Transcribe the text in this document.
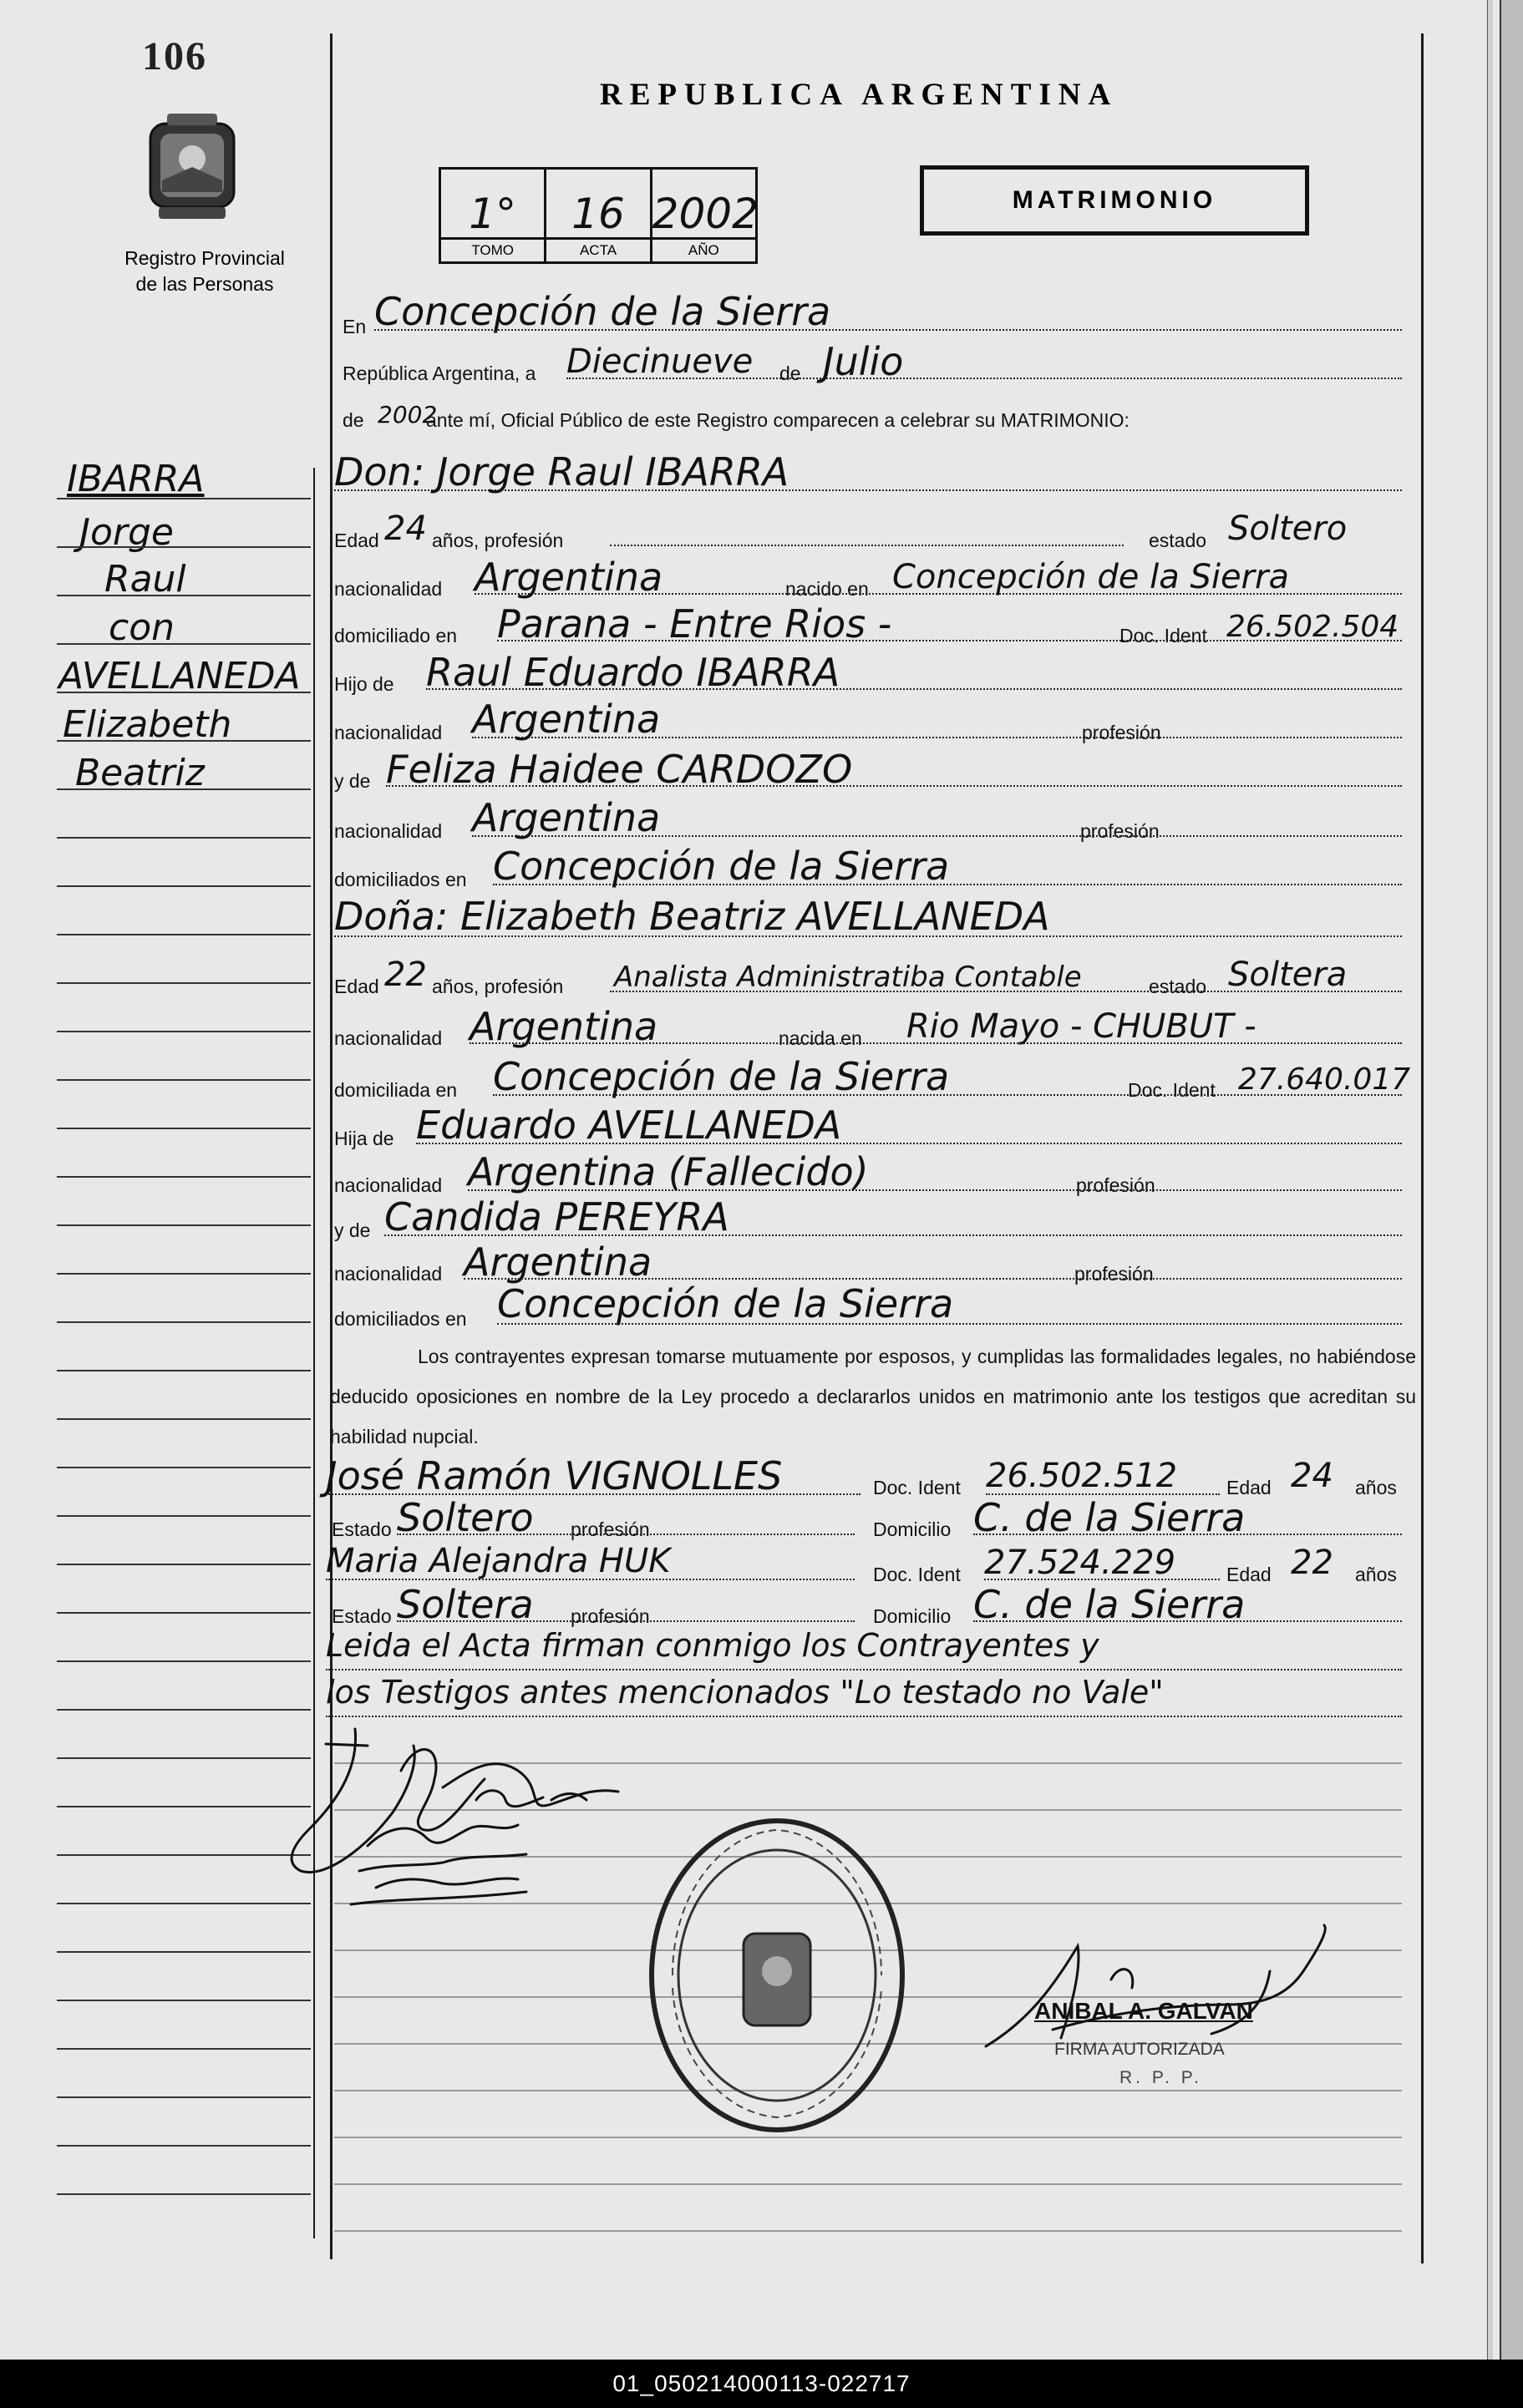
106
Registro Provincial
de las Personas
REPUBLICA ARGENTINA
MATRIMONIO
1°
TOMO
16
ACTA
2002
AÑO
IBARRA
Jorge
Raul
con
AVELLANEDA
Elizabeth
Beatriz
En Concepción de la Sierra
República Argentina, a Diecinueve de Julio
de 2002
ante mí, Oficial Público de este Registro comparecen a celebrar su MATRIMONIO:
Don: Jorge Raul IBARRA
Edad 24 años, profesión	estado Soltero
nacionalidad Argentina	nacido en Concepción de la Sierra
domiciliado en Parana - Entre Rios -	Doc. Ident 26.502.504
Hijo de Raul Eduardo IBARRA
nacionalidad Argentina	profesión
y de Feliza Haidee CARDOZO
nacionalidad Argentina	profesión
domiciliados en Concepción de la Sierra
Doña: Elizabeth Beatriz AVELLANEDA
Edad 22 años, profesión Analista Administratiba Contable	estado Soltera
nacionalidad Argentina	nacida en Rio Mayo - CHUBUT -
domiciliada en Concepción de la Sierra	Doc. Ident 27.640.017
Hija de Eduardo AVELLANEDA
nacionalidad Argentina (Fallecido)	profesión
y de Candida PEREYRA
nacionalidad Argentina	profesión
domiciliados en Concepción de la Sierra
Los contrayentes expresan tomarse mutuamente por esposos, y cumplidas las formalidades legales, no habiéndose deducido oposiciones en nombre de la Ley procedo a declararlos unidos en matrimonio ante los testigos que acreditan su habilidad nupcial.
José Ramón VIGNOLLES	Doc. Ident 26.502.512	Edad 24 años
Estado Soltero profesión	Domicilio C. de la Sierra
Maria Alejandra HUK	Doc. Ident 27.524.229	Edad 22 años
Estado Soltera profesión	Domicilio C. de la Sierra
Leida el Acta firman conmigo los Contrayentes y
los Testigos antes mencionados "Lo testado no Vale"
ANIBAL A. GALVAN
FIRMA AUTORIZADA
R. P. P.
01_050214000113-022717
